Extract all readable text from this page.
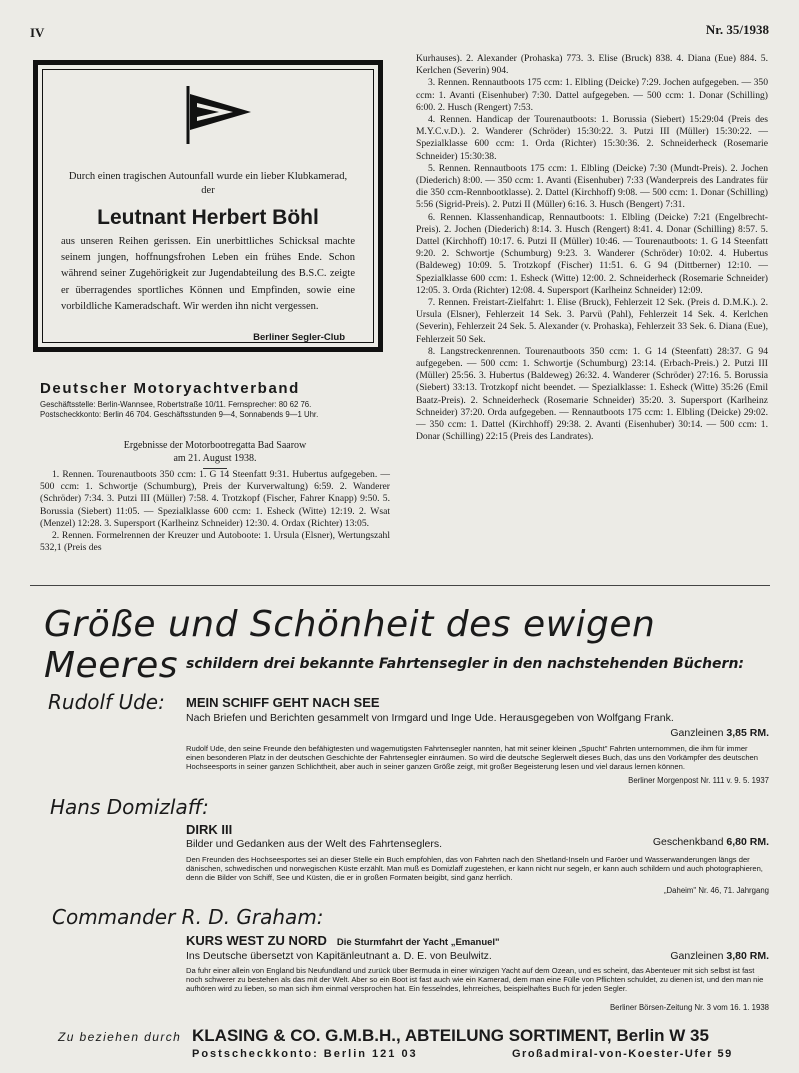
IV	Nr. 35/1938
Durch einen tragischen Autounfall wurde ein lieber Klubkamerad, der
Leutnant Herbert Böhl
aus unseren Reihen gerissen. Ein unerbittliches Schicksal machte seinem jungen, hoffnungsfrohen Leben ein frühes Ende. Schon während seiner Zugehörigkeit zur Jugendabteilung des B.S.C. zeigte er überragendes sportliches Können und Empfinden, sowie eine vorbildliche Kameradschaft. Wir werden ihn nicht vergessen.
Berliner Segler-Club
Deutscher Motoryachtverband
Geschäftsstelle: Berlin-Wannsee, Robertstraße 10/11. Fernsprecher: 80 62 76.
Postscheckkonto: Berlin 46 704. Geschäftsstunden 9—4, Sonnabends 9—1 Uhr.
Ergebnisse der Motorbootregatta Bad Saarow
am 21. August 1938.

1. Rennen. Tourenautboots 350 ccm: 1. G 14 Steenfatt 9:31. Hubertus aufgegeben. — 500 ccm: 1. Schwortje (Schumburg), Preis der Kurverwaltung) 6:59. 2. Wanderer (Schröder) 7:34. 3. Putzi III (Müller) 7:58. 4. Trotzkopf (Fischer, Fahrer Knapp) 9:50. 5. Borussia (Siebert) 11:05. — Spezialklasse 600 ccm: 1. Esheck (Witte) 12:19. 2. Wsat (Menzel) 12:28. 3. Supersport (Karlheinz Schneider) 12:30. 4. Ordax (Richter) 13:05.

2. Rennen. Formelrennen der Kreuzer und Autoboote: 1. Ursula (Elsner), Wertungszahl 532,1 (Preis des

Kurhauses). 2. Alexander (Prohaska) 773. 3. Elise (Bruck) 838. 4. Diana (Eue) 884. 5. Kerlchen (Severin) 904.

3. Rennen. Rennautboots 175 ccm: 1. Elbling (Deicke) 7:29. Jochen aufgegeben. — 350 ccm: 1. Avanti (Eisenhuber) 7:30. Dattel aufgegeben. — 500 ccm: 1. Donar (Schilling) 6:00. 2. Husch (Rengert) 7:53.

4. Rennen. Handicap der Tourenautboots: 1. Borussia (Siebert) 15:29:04 (Preis des M.Y.C.v.D.). 2. Wanderer (Schröder) 15:30:22. 3. Putzi III (Müller) 15:30:22. — Spezialklasse 600 ccm: 1. Orda (Richter) 15:30:36. 2. Schneiderheck (Rosemarie Schneider) 15:30:38.

5. Rennen. Rennautboots 175 ccm: 1. Elbling (Deicke) 7:30 (Mundt-Preis). 2. Jochen (Diederich) 8:00. — 350 ccm: 1. Avanti (Eisenhuber) 7:33 (Wanderpreis des Landrates für die 350 ccm-Rennbootklasse). 2. Dattel (Kirchhoff) 9:08. — 500 ccm: 1. Donar (Schilling) 5:56 (Sigrid-Preis). 2. Putzi II (Müller) 6:16. 3. Husch (Bengert) 7:31.

6. Rennen. Klassenhandicap, Rennautboots: 1. Elbling (Deicke) 7:21 (Engelbrecht-Preis). 2. Jochen (Diederich) 8:14. 3. Husch (Rengert) 8:41. 4. Donar (Schilling) 8:57. 5. Dattel (Kirchhoff) 10:17. 6. Putzi II (Müller) 10:46. — Tourenautboots: 1. G 14 Steenfatt 9:20. 2. Schwortje (Schumburg) 9:23. 3. Wanderer (Schröder) 10:02. 4. Hubertus (Baldeweg) 10:09. 5. Trotzkopf (Fischer) 11:51. 6. G 94 (Dittberner) 12:10. — Spezialklasse 600 ccm: 1. Esheck (Witte) 12:00. 2. Schneiderheck (Rosemarie Schneider) 12:05. 3. Orda (Richter) 12:08. 4. Supersport (Karlheinz Schneider) 12:09.

7. Rennen. Freistart-Zielfahrt: 1. Elise (Bruck), Fehlerzeit 12 Sek. (Preis d. D.M.K.). 2. Ursula (Elsner), Fehlerzeit 14 Sek. 3. Parvü (Pahl), Fehlerzeit 14 Sek. 4. Kerlchen (Severin), Fehlerzeit 24 Sek. 5. Alexander (v. Prohaska), Fehlerzeit 33 Sek. 6. Diana (Eue), Fehlerzeit 50 Sek.

8. Langstreckenrennen. Tourenautboots 350 ccm: 1. G 14 (Steenfatt) 28:37. G 94 aufgegeben. — 500 ccm: 1. Schwortje (Schumburg) 23:14. (Erbach-Preis.) 2. Putzi III (Müller) 25:56. 3. Hubertus (Baldeweg) 26:32. 4. Wanderer (Schröder) 27:16. 5. Borussia (Siebert) 33:13. Trotzkopf nicht beendet. — Spezialklasse: 1. Esheck (Witte) 35:26 (Emil Baatz-Preis). 2. Schneiderheck (Rosemarie Schneider) 35:20. 3. Supersport (Karlheinz Schneider) 37:20. Orda aufgegeben. — Rennautboots 175 ccm: 1. Elbling (Deicke) 29:02. — 350 ccm: 1. Dattel (Kirchhoff) 29:38. 2. Avanti (Eisenhuber) 30:14. — 500 ccm: 1. Donar (Schilling) 22:15 (Preis des Landrates).

Größe und Schönheit des ewigen Meeres schildern drei bekannte Fahrtensegler in den nachstehenden Büchern:
Rudolf Ude: MEIN SCHIFF GEHT NACH SEE
Nach Briefen und Berichten gesammelt von Irmgard und Inge Ude. Herausgegeben von Wolfgang Frank.
Ganzleinen 3,85 RM.
Rudolf Ude, den seine Freunde den befähigtesten und wagemutigsten Fahrtensegler nannten, hat mit seiner kleinen „Spucht" Fahrten unternommen, die ihm für immer einen besonderen Platz in der deutschen Geschichte der Fahrtensegler einräumen. So wird die deutsche Seglerwelt dieses Buch, das uns den Vorkämpfer des deutschen Hochseesports in seiner ganzen Schlichtheit, aber auch in seiner ganzen Größe zeigt, mit großer Begeisterung lesen und viel daraus lernen können.
Berliner Morgenpost Nr. 111 v. 9. 5. 1937
Hans Domizlaff:
DIRK III
Bilder und Gedanken aus der Welt des Fahrtenseglers.	Geschenkband 6,80 RM.
Den Freunden des Hochseesportes sei an dieser Stelle ein Buch empfohlen, das von Fahrten nach den Shetland-Inseln und Faröer und Wasserwanderungen längs der dänischen, schwedischen und norwegischen Küste erzählt. Man muß es Domizlaff zugestehen, er kann nicht nur segeln, er kann auch schildern und auch photographieren, denn die Bilder von Schiff, See und Küsten, die er in großen Formaten beigibt, sind ganz herrlich.
„Daheim" Nr. 46, 71. Jahrgang
Commander R. D. Graham:
KURS WEST ZU NORD Die Sturmfahrt der Yacht „Emanuel"
Ins Deutsche übersetzt von Kapitänleutnant a. D. E. von Beulwitz.	Ganzleinen 3,80 RM.
Da fuhr einer allein von England bis Neufundland und zurück über Bermuda in einer winzigen Yacht auf dem Ozean, und es scheint, das Abenteuer mit sich selbst ist fast noch schwerer zu bestehen als das mit der Welt. Aber so ein Boot ist fast auch wie ein Kamerad, dem man eine Fülle von Pflichten schuldet, zu dienen ist, und den man nie aufhören wird zu lieben, so man sich ihm einmal versprochen hat. Ein fesselndes, lehrreiches, beispielhaftes Buch für jeden Segler.
Berliner Börsen-Zeitung Nr. 3 vom 16. 1. 1938
Zu beziehen durch KLASING & CO. G.M.B.H., ABTEILUNG SORTIMENT, Berlin W 35
Postscheckkonto: Berlin 121 03	Großadmiral-von-Koester-Ufer 59
